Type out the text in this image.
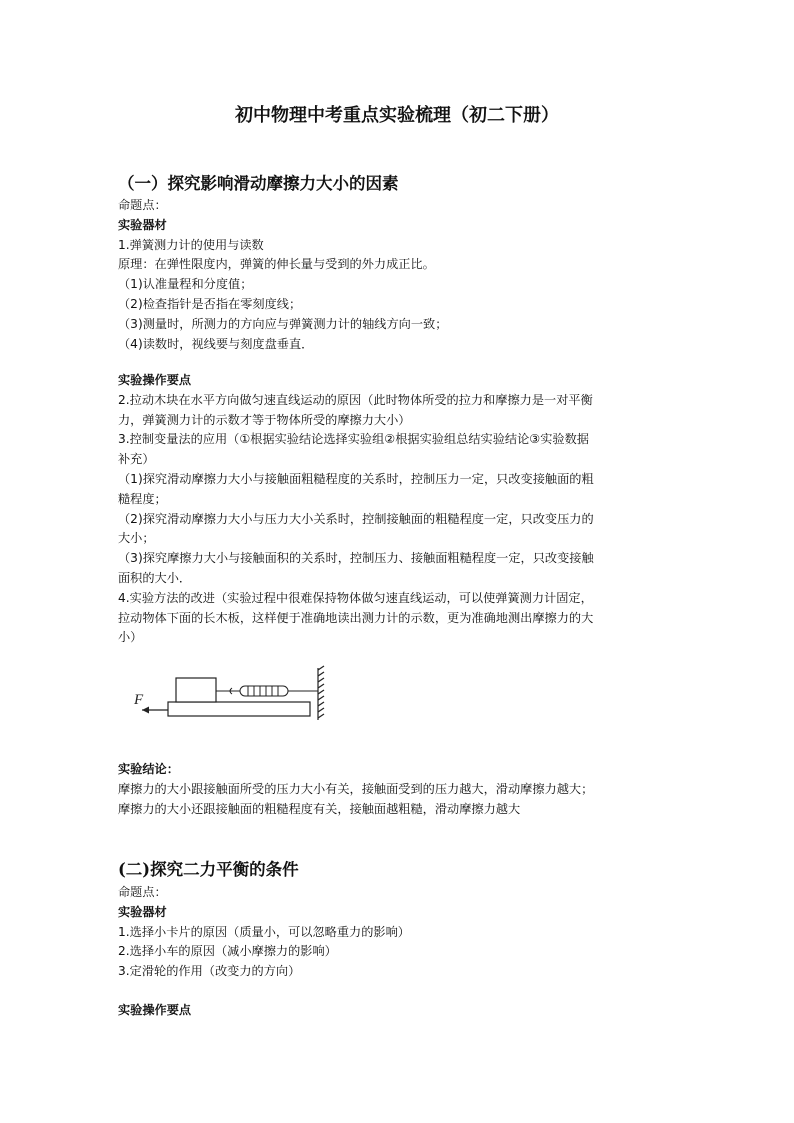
初中物理中考重点实验梳理（初二下册）
（一）探究影响滑动摩擦力大小的因素
命题点：
实验器材
1.弹簧测力计的使用与读数
原理：在弹性限度内，弹簧的伸长量与受到的外力成正比。
（1)认准量程和分度值；
（2)检查指针是否指在零刻度线；
（3)测量时，所测力的方向应与弹簧测力计的轴线方向一致；
（4)读数时，视线要与刻度盘垂直．
实验操作要点
2.拉动木块在水平方向做匀速直线运动的原因（此时物体所受的拉力和摩擦力是一对平衡
力，弹簧测力计的示数才等于物体所受的摩擦力大小）
3.控制变量法的应用（①根据实验结论选择实验组②根据实验组总结实验结论③实验数据
补充）
（1)探究滑动摩擦力大小与接触面粗糙程度的关系时，控制压力一定，只改变接触面的粗
糙程度；
（2)探究滑动摩擦力大小与压力大小关系时，控制接触面的粗糙程度一定，只改变压力的
大小；
（3)探究摩擦力大小与接触面积的关系时，控制压力、接触面粗糙程度一定，只改变接触
面积的大小．
4.实验方法的改进（实验过程中很难保持物体做匀速直线运动，可以使弹簧测力计固定，
拉动物体下面的长木板，这样便于准确地读出测力计的示数，更为准确地测出摩擦力的大
小）
F
实验结论：
摩擦力的大小跟接触面所受的压力大小有关，接触面受到的压力越大，滑动摩擦力越大；
摩擦力的大小还跟接触面的粗糙程度有关，接触面越粗糙，滑动摩擦力越大
(二)探究二力平衡的条件
命题点：
实验器材
1.选择小卡片的原因（质量小，可以忽略重力的影响）
2.选择小车的原因（减小摩擦力的影响）
3.定滑轮的作用（改变力的方向）
实验操作要点
